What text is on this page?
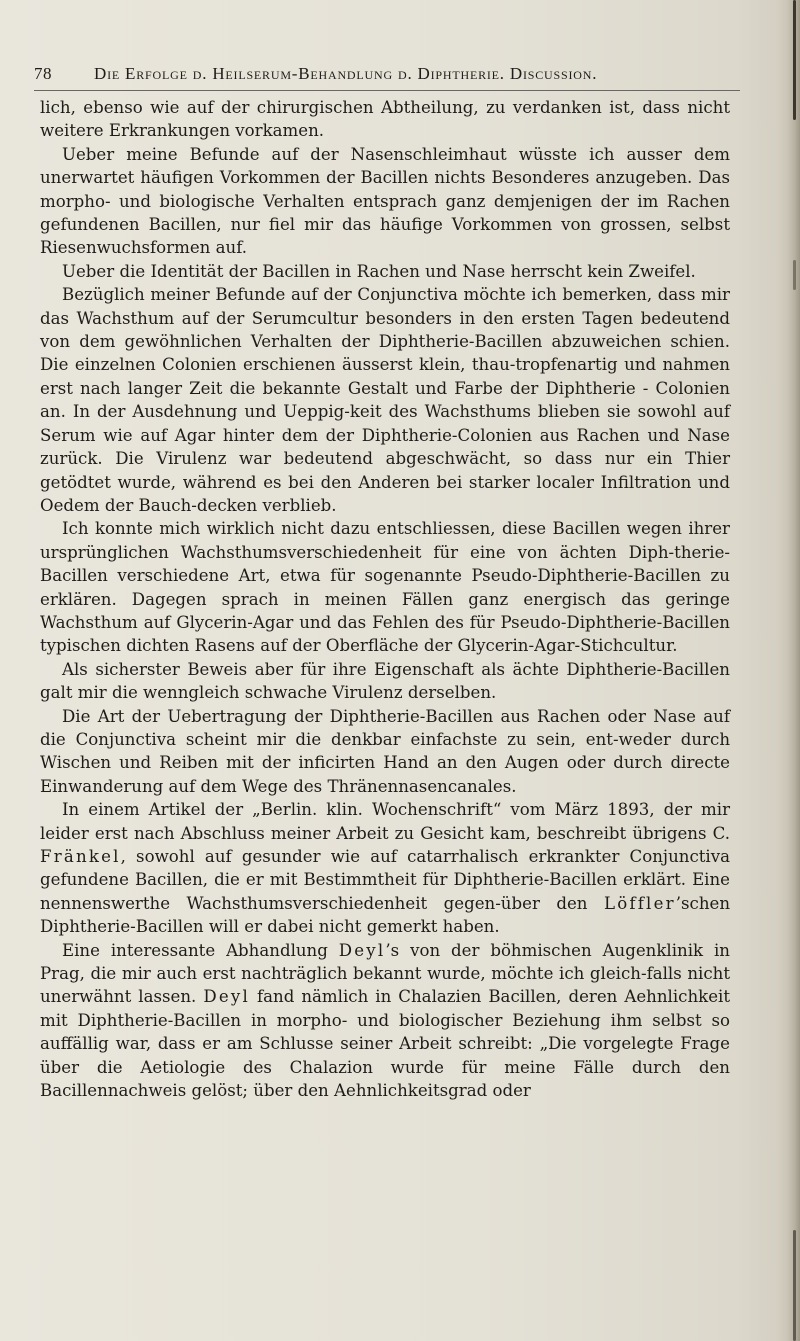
78 Die Erfolge d. Heilserum-Behandlung d. Diphtherie. Discussion.

lich, ebenso wie auf der chirurgischen Abtheilung, zu verdanken ist, dass nicht weitere Erkrankungen vorkamen.

Ueber meine Befunde auf der Nasenschleimhaut wüsste ich ausser dem unerwartet häufigen Vorkommen der Bacillen nichts Besonderes anzugeben. Das morpho- und biologische Verhalten entsprach ganz demjenigen der im Rachen gefundenen Bacillen, nur fiel mir das häufige Vorkommen von grossen, selbst Riesenwuchsformen auf.

Ueber die Identität der Bacillen in Rachen und Nase herrscht kein Zweifel.

Bezüglich meiner Befunde auf der Conjunctiva möchte ich bemerken, dass mir das Wachsthum auf der Serumcultur besonders in den ersten Tagen bedeutend von dem gewöhnlichen Verhalten der Diphtherie-Bacillen abzuweichen schien. Die einzelnen Colonien erschienen äusserst klein, thau-tropfenartig und nahmen erst nach langer Zeit die bekannte Gestalt und Farbe der Diphtherie - Colonien an. In der Ausdehnung und Ueppig-keit des Wachsthums blieben sie sowohl auf Serum wie auf Agar hinter dem der Diphtherie-Colonien aus Rachen und Nase zurück. Die Virulenz war bedeutend abgeschwächt, so dass nur ein Thier getödtet wurde, während es bei den Anderen bei starker localer Infiltration und Oedem der Bauch-decken verblieb.

Ich konnte mich wirklich nicht dazu entschliessen, diese Bacillen wegen ihrer ursprünglichen Wachsthumsverschiedenheit für eine von ächten Diph-therie-Bacillen verschiedene Art, etwa für sogenannte Pseudo-Diphtherie-Bacillen zu erklären. Dagegen sprach in meinen Fällen ganz energisch das geringe Wachsthum auf Glycerin-Agar und das Fehlen des für Pseudo-Diphtherie-Bacillen typischen dichten Rasens auf der Oberfläche der Glycerin-Agar-Stichcultur.

Als sicherster Beweis aber für ihre Eigenschaft als ächte Diphtherie-Bacillen galt mir die wenngleich schwache Virulenz derselben.

Die Art der Uebertragung der Diphtherie-Bacillen aus Rachen oder Nase auf die Conjunctiva scheint mir die denkbar einfachste zu sein, ent-weder durch Wischen und Reiben mit der inficirten Hand an den Augen oder durch directe Einwanderung auf dem Wege des Thränennasencanales.

In einem Artikel der „Berlin. klin. Wochenschrift“ vom März 1893, der mir leider erst nach Abschluss meiner Arbeit zu Gesicht kam, beschreibt übrigens C. Fränkel, sowohl auf gesunder wie auf catarrhalisch erkrankter Conjunctiva gefundene Bacillen, die er mit Bestimmtheit für Diphtherie-Bacillen erklärt. Eine nennenswerthe Wachsthumsverschiedenheit gegen-über den Löffler’schen Diphtherie-Bacillen will er dabei nicht gemerkt haben.

Eine interessante Abhandlung Deyl’s von der böhmischen Augenklinik in Prag, die mir auch erst nachträglich bekannt wurde, möchte ich gleich-falls nicht unerwähnt lassen. Deyl fand nämlich in Chalazien Bacillen, deren Aehnlichkeit mit Diphtherie-Bacillen in morpho- und biologischer Beziehung ihm selbst so auffällig war, dass er am Schlusse seiner Arbeit schreibt: „Die vorgelegte Frage über die Aetiologie des Chalazion wurde für meine Fälle durch den Bacillennachweis gelöst; über den Aehnlichkeitsgrad oder
